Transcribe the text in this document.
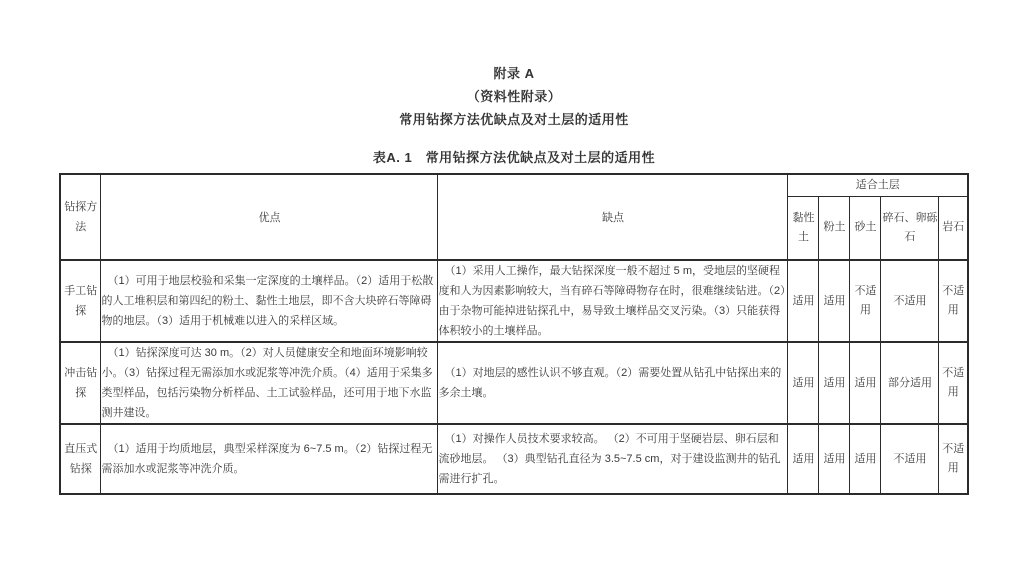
附录 A
（资料性附录）
常用钻探方法优缺点及对土层的适用性
表A. 1　常用钻探方法优缺点及对土层的适用性
钻探方法	优点	缺点	适合土层				
			黏性土	粉土	砂土	碎石、卵砾石	岩石
手工钻探	（1）可用于地层校验和采集一定深度的土壤样品。（2）适用于松散的人工堆积层和第四纪的粉土、黏性土地层，即不含大块碎石等障碍物的地层。（3）适用于机械难以进入的采样区域。	（1）采用人工操作，最大钻探深度一般不超过 5 m，受地层的坚硬程度和人为因素影响较大，当有碎石等障碍物存在时，很难继续钻进。（2）由于杂物可能掉进钻探孔中，易导致土壤样品交叉污染。（3）只能获得体积较小的土壤样品。	适用	适用	不适用	不适用	不适用
冲击钻探	（1）钻探深度可达 30 m。（2）对人员健康安全和地面环境影响较小。（3）钻探过程无需添加水或泥浆等冲洗介质。（4）适用于采集多类型样品，包括污染物分析样品、土工试验样品，还可用于地下水监测井建设。	（1）对地层的感性认识不够直观。（2）需要处置从钻孔中钻探出来的多余土壤。	适用	适用	适用	部分适用	不适用
直压式钻探	（1）适用于均质地层，典型采样深度为 6~7.5 m。（2）钻探过程无需添加水或泥浆等冲洗介质。	（1）对操作人员技术要求较高。 （2）不可用于坚硬岩层、卵石层和流砂地层。 （3）典型钻孔直径为 3.5~7.5 cm，对于建设监测井的钻孔需进行扩孔。	适用	适用	适用	不适用	不适用
